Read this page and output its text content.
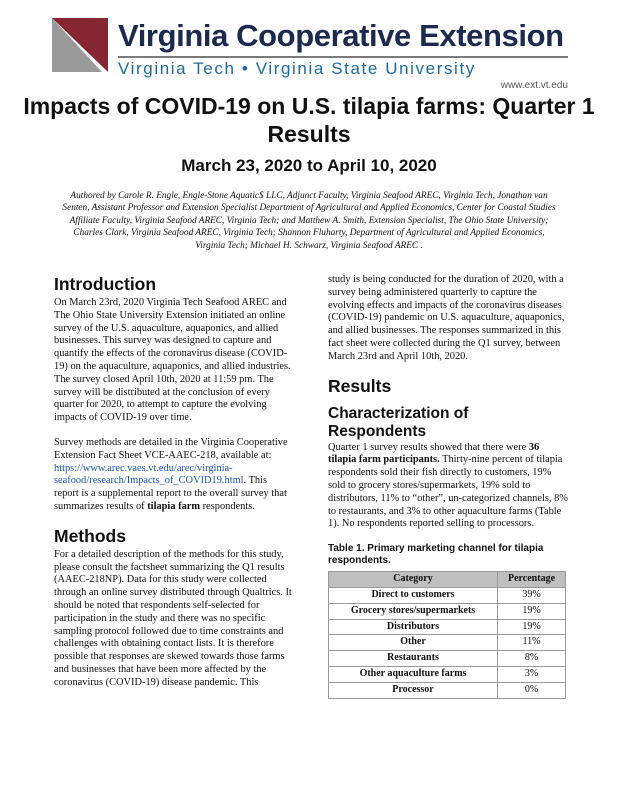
Virginia Cooperative Extension
Virginia Tech • Virginia State University
www.ext.vt.edu
Impacts of COVID-19 on U.S. tilapia farms: Quarter 1 Results
March 23, 2020 to April 10, 2020
Authored by Carole R. Engle, Engle-Stone Aquatic$ LLC, Adjunct Faculty, Virginia Seafood AREC, Virginia Tech, Jonathan van Senten, Assistant Professor and Extension Specialist Department of Agricultural and Applied Economics, Center for Coastal Studies Affiliate Faculty, Virginia Seafood AREC, Virginia Tech; and Matthew A. Smith, Extension Specialist, The Ohio State University; Charles Clark, Virginia Seafood AREC, Virginia Tech; Shannon Fluharty, Department of Agricultural and Applied Economics, Virginia Tech; Michael H. Schwarz, Virginia Seafood AREC .
Introduction

On March 23rd, 2020 Virginia Tech Seafood AREC and The Ohio State University Extension initiated an online survey of the U.S. aquaculture, aquaponics, and allied businesses. This survey was designed to capture and quantify the effects of the coronavirus disease (COVID-19) on the aquaculture, aquaponics, and allied industries. The survey closed April 10th, 2020 at 11:59 pm. The survey will be distributed at the conclusion of every quarter for 2020, to attempt to capture the evolving impacts of COVID-19 over time.

Survey methods are detailed in the Virginia Cooperative Extension Fact Sheet VCE-AAEC-218, available at:
https://www.arec.vaes.vt.edu/arec/virginia-seafood/research/Impacts_of_COVID19.html. This report is a supplemental report to the overall survey that summarizes results of tilapia farm respondents.

Methods

For a detailed description of the methods for this study, please consult the factsheet summarizing the Q1 results (AAEC-218NP). Data for this study were collected through an online survey distributed through Qualtrics. It should be noted that respondents self-selected for participation in the study and there was no specific sampling protocol followed due to time constraints and challenges with obtaining contact lists. It is therefore possible that responses are skewed towards those farms and businesses that have been more affected by the coronavirus (COVID-19) disease pandemic. This

study is being conducted for the duration of 2020, with a survey being administered quarterly to capture the evolving effects and impacts of the coronavirus diseases (COVID-19) pandemic on U.S. aquaculture, aquaponics, and allied businesses. The responses summarized in this fact sheet were collected during the Q1 survey, between March 23rd and April 10th, 2020.

Results
Characterization of Respondents

Quarter 1 survey results showed that there were 36 tilapia farm participants. Thirty-nine percent of tilapia respondents sold their fish directly to customers, 19% sold to grocery stores/supermarkets, 19% sold to distributors, 11% to “other”, un-categorized channels, 8% to restaurants, and 3% to other aquaculture farms (Table 1). No respondents reported selling to processors.

Table 1. Primary marketing channel for tilapia respondents.
Category	Percentage
Direct to customers	39%
Grocery stores/supermarkets	19%
Distributors	19%
Other	11%
Restaurants	8%
Other aquaculture farms	3%
Processor	0%
